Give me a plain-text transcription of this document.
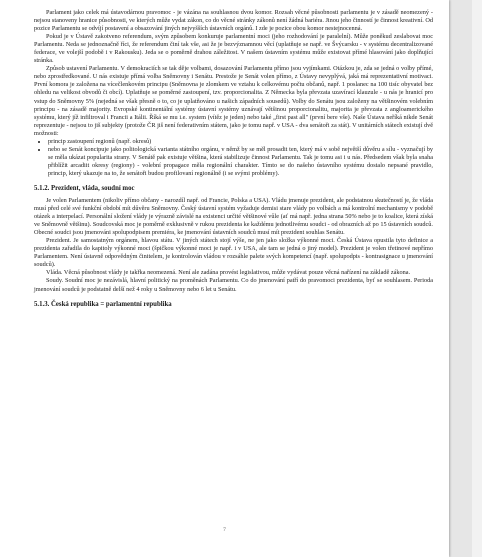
Parlament jako celek má ústavodárnou pravomoc - je vázána na souhlasnou dvou komor. Rozsah věcné působnosti parlamentu je v zásadě neomezený - nejsou stanoveny hranice působnosti, ve kterých může vydat zákon, co do věcné stránky zákonů není žádná bariéra. Jinou jeho činností je činnost kreativní. Od pozice Parlamentu se odvíjí postavení a obsazování jiných nejvyšších ústavních orgánů. I zde je pozice obou komor nestejnocenná.

Pokud je v Ústavě zakotveno referendum, svým způsobem konkuruje parlamentní moci (jeho rozhodování je paralelní). Může poněkud zeslabovat moc Parlamentu. Neda se jednoznačně říci, že referendum činí tak vše, asi že je bezvýznamnou věcí (uplatňuje se např. ve Švýcarsku - v systému decentralizované federace, ve volejší podobě i v Rakousku). Jeda se o poměrně drahou záležitost. V našem ústavním systému může existovat přímé hlasování jako doplňující stránka.

Způsob ustavení Parlamentu. V demokraciích se tak děje volbami, dosazování Parlamentu přímo jsou vyjímkami. Otázkou je, zda se jedná o volby přímé, nebo zprostředkované. U nás existuje přímá volba Sněmovny i Senátu. Prestože je Senát volen přímo, z Ústavy nevyplývá, jaká má reprezentativní motivaci. První komora je založena na vícečlenkovém principu (Sněmovna je zlomkem ve vztahu k celkovému počtu občanů, např. 1 poslanec na 100 tisíc obyvatel bez ohledu na velikost obvodů či obcí). Uplatňuje se poměrné zastoupení, tzv. proporcionalita. Z Německa byla převzata uzavírací klauzule - u nás je hranicí pro vstup do Sněmovny 5% (nejedná se však přesně o to, co je uplatňováno u našich západních sousedů). Volby do Senátu jsou založeny na většinovém volebním principu - na zásadě majority. Evropské kontinentální systémy ústavní systémy uznávají většinou proporcionalitu, majorita je převzata z angloamerického systému, který jíž infiltroval i Francii a Itálii. Říká se mu i.e. system (vítěz je jeden) nebo také „first past all" (první bere vše). Naše Ústava neříká nikde Senát reprezentuje - nejsou to jiš subjekty (protože ČR jiš není federativním státem, jako je tomu např. v USA - dva senátoři za stát). V unitárních státech existují dvě možnosti:

• princip zastoupení regionů (např. okresů)
• nebo se Senát koncipuje jako politologická varianta státního orgánu, v němž by se měl prosadit ten, který má v sobě největší důvěru a sílu - vyznačují by se měla ukázat popularita strany. V Senátě pak existuje většina, která stabilizuje činnost Parlamentu. Tak je tomu asi i u nás. Předsedem však byla snaha přiblížit arcadiit okresy (regiony) - volební propagace měla regionální charakter. Tímto se do našeho ústavního systému dostalo nepsané pravidlo, princip, který ukazuje na to, že senátoři budou profilovaní regionálně (i se svými problémy).
5.1.2. Prezident, vláda, soudní moc

Je volen Parlamentem (nikoliv přímo občany - narozdíl např. od Francie, Polska a USA). Vládu jmenuje prezident, ale podstatnou skutečností je, že vláda musí před celé své funkční období mít důvěru Sněmovny. Český ústavní systém vyžaduje demisi stare vlády po volbách a má kontrolní mechanismy v podobě otázek a interpelací. Personální složení vlády je výrazně závislé na existenci určité většinové vůle (ať má např. jedna strana 50% nebo je to koalice, která získá ve Sněmovně většinu). Soudcovská moc je poměrně exklusivně v rukou prezidenta ke každému jednotlivému soudci - od obrazních až po 15 ústavních soudců. Obecné soudci jsou jmenováni spolupodpisem premiéra, ke jmenování ústavních soudců musí mít prezident souhlas Senátu.

Prezident. Je samostatným orgánem, hlavou státu. V jiných státech stojí výše, ne jen jako složka výkonné moci. Česká Ústava opustila tyto definice a prezidenta zařadila do kapitoly výkonné moci (špičkou výkonné moci je např. i v USA, ale tam se jedná o jiný model). Prezident je volen třetinové nepřímo Parlamentem. Není ústavně odpovědným činitelem, je kontrolován vládou v rozsáhle palete svých kompetencí (např. spolupodpis - kontrasignace u jmenování soudců).

Vláda. Věcná působnost vlády je takřka neomezená. Není ale zadána provést legislativou, může vydávat pouze věcná nařízení na základě zákona.

Soudy. Soudní moc je nezávislá, hlavní politický na proměnách Parlamentu. Co do jmenování patří do pravomoci prezidenta, byť se souhlasem. Perioda jmenování soudců je podstatně delší než 4 roky u Sněmovny nebo 6 let u Senátu.

5.1.3. Česká republika = parlamentní republika
7
